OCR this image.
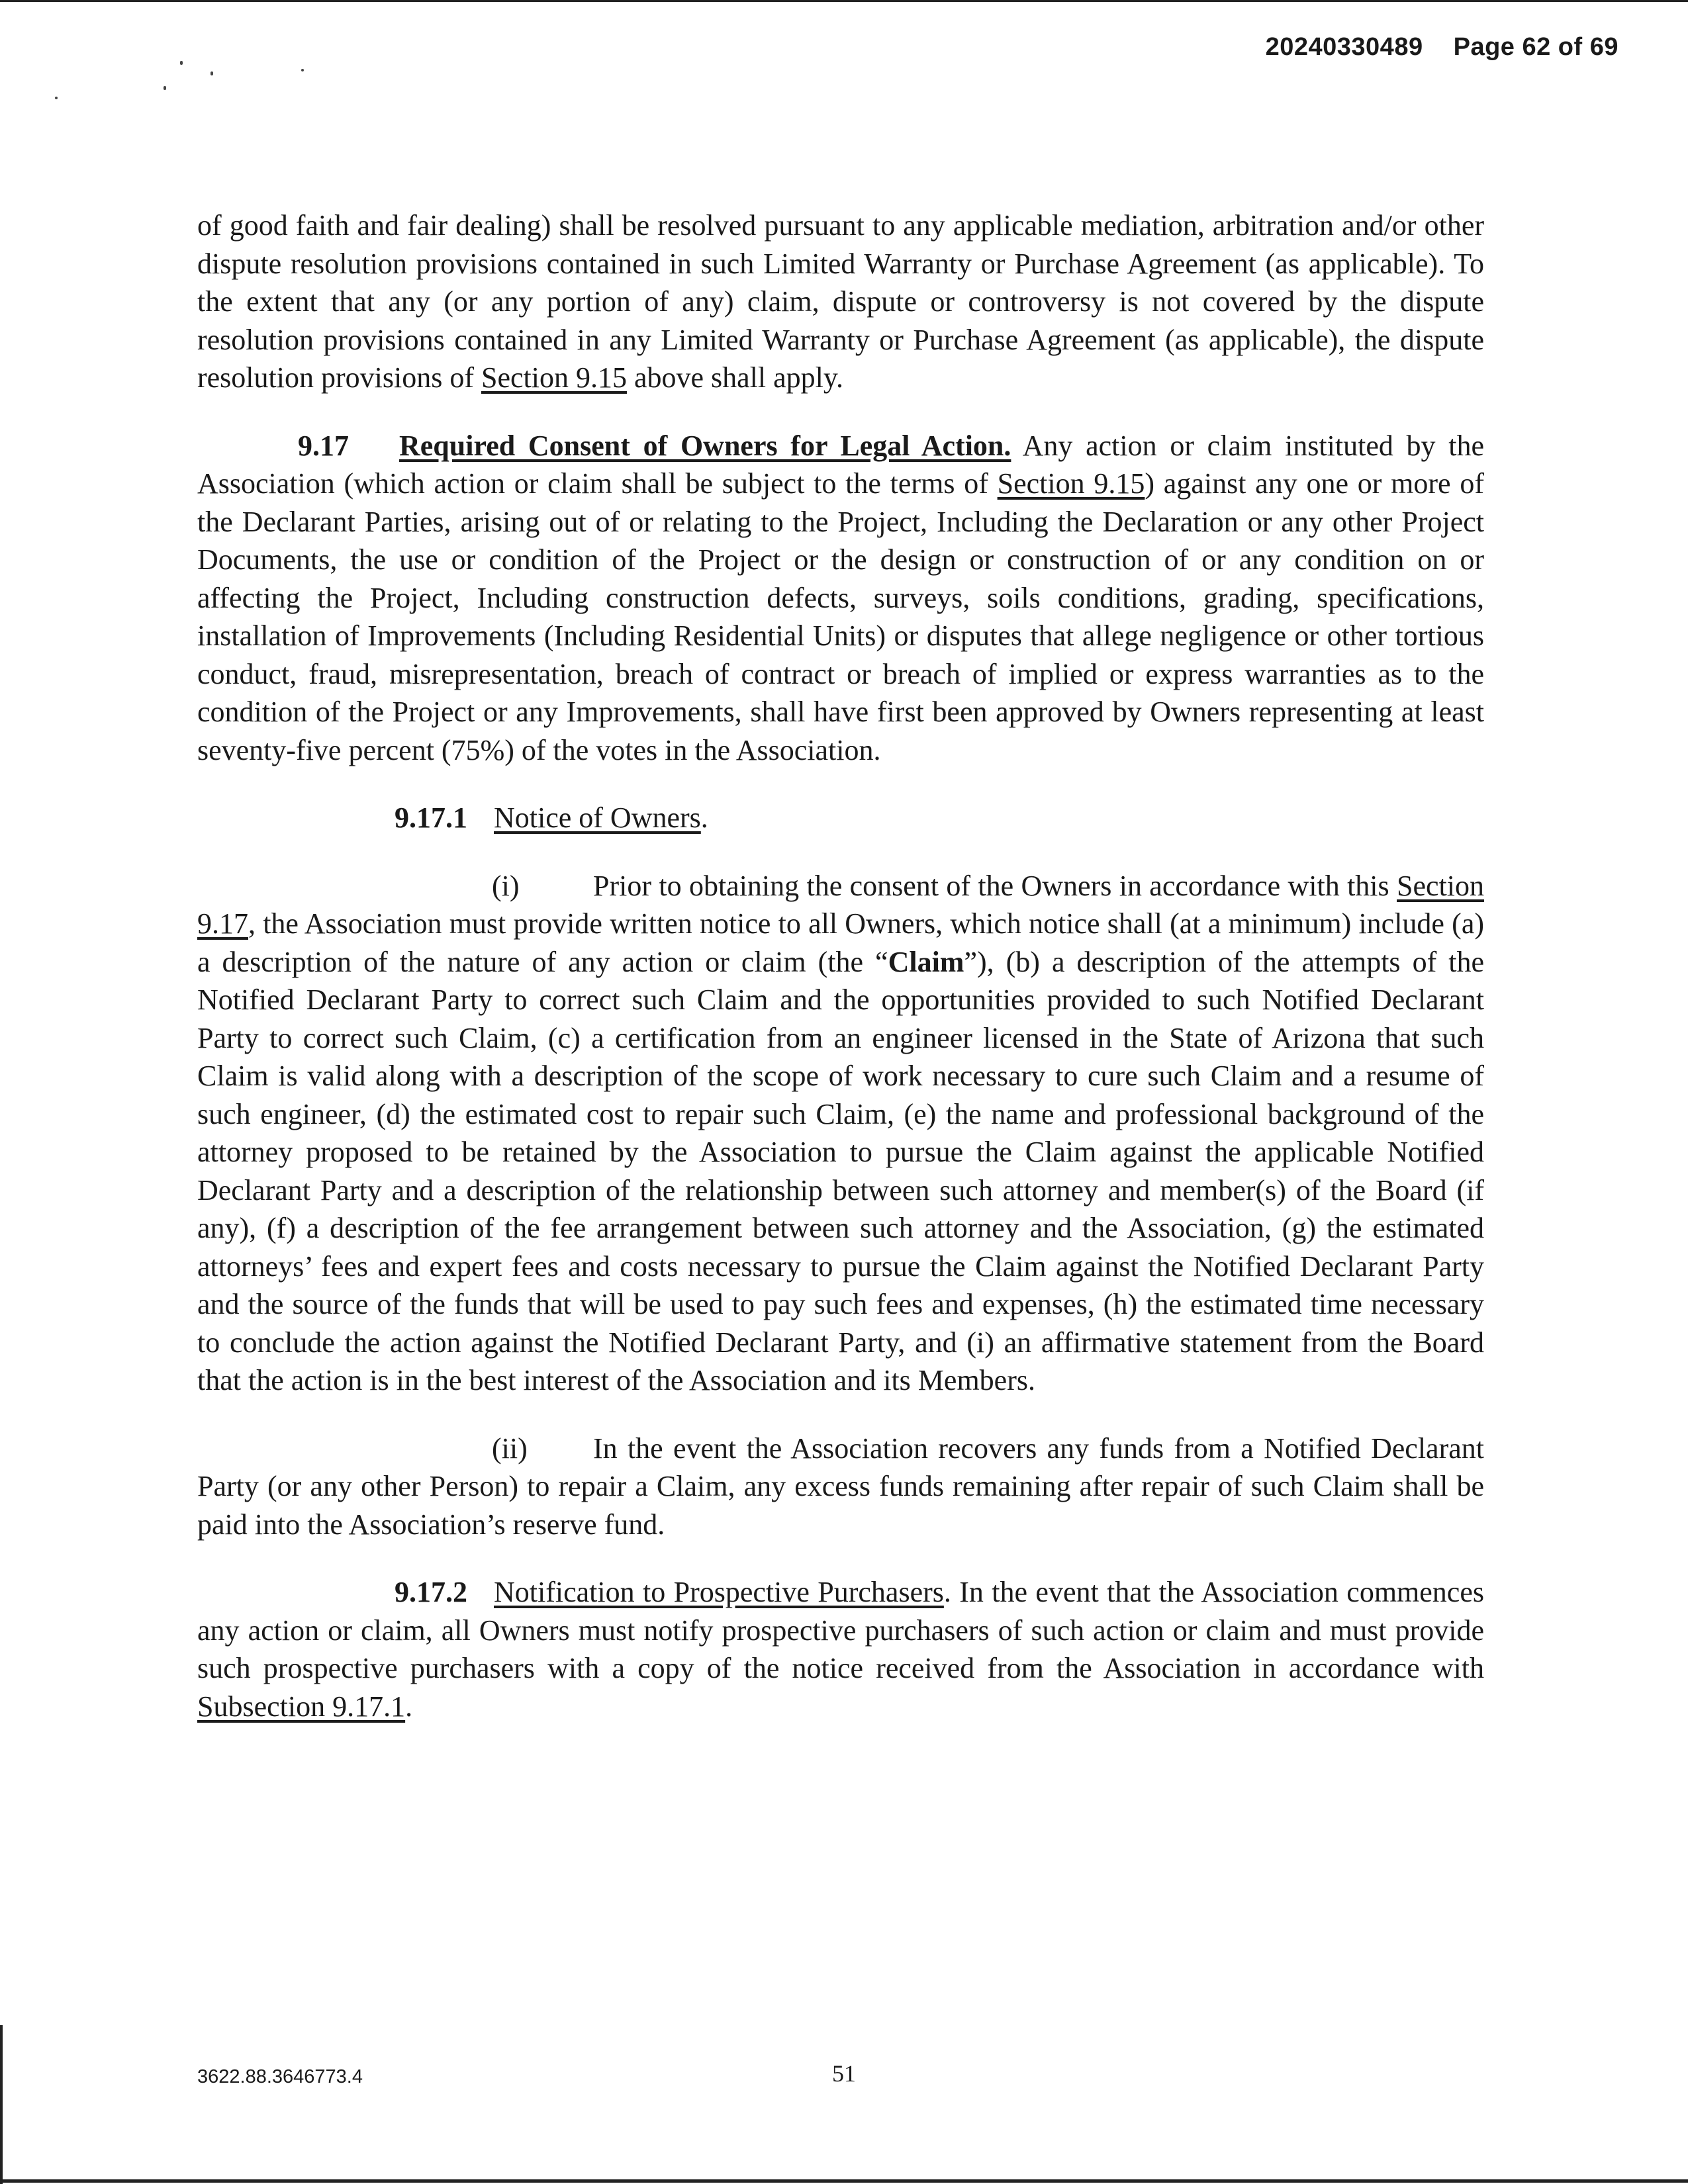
20240330489 Page 62 of 69

of good faith and fair dealing) shall be resolved pursuant to any applicable mediation, arbitration and/or other dispute resolution provisions contained in such Limited Warranty or Purchase Agreement (as applicable). To the extent that any (or any portion of any) claim, dispute or controversy is not covered by the dispute resolution provisions contained in any Limited Warranty or Purchase Agreement (as applicable), the dispute resolution provisions of Section 9.15 above shall apply.

9.17 Required Consent of Owners for Legal Action. Any action or claim instituted by the Association (which action or claim shall be subject to the terms of Section 9.15) against any one or more of the Declarant Parties, arising out of or relating to the Project, Including the Declaration or any other Project Documents, the use or condition of the Project or the design or construction of or any condition on or affecting the Project, Including construction defects, surveys, soils conditions, grading, specifications, installation of Improvements (Including Residential Units) or disputes that allege negligence or other tortious conduct, fraud, misrepresentation, breach of contract or breach of implied or express warranties as to the condition of the Project or any Improvements, shall have first been approved by Owners representing at least seventy-five percent (75%) of the votes in the Association.

9.17.1 Notice of Owners.

(i)	Prior to obtaining the consent of the Owners in accordance with this Section 9.17, the Association must provide written notice to all Owners, which notice shall (at a minimum) include (a) a description of the nature of any action or claim (the “Claim”), (b) a description of the attempts of the Notified Declarant Party to correct such Claim and the opportunities provided to such Notified Declarant Party to correct such Claim, (c) a certification from an engineer licensed in the State of Arizona that such Claim is valid along with a description of the scope of work necessary to cure such Claim and a resume of such engineer, (d) the estimated cost to repair such Claim, (e) the name and professional background of the attorney proposed to be retained by the Association to pursue the Claim against the applicable Notified Declarant Party and a description of the relationship between such attorney and member(s) of the Board (if any), (f) a description of the fee arrangement between such attorney and the Association, (g) the estimated attorneys’ fees and expert fees and costs necessary to pursue the Claim against the Notified Declarant Party and the source of the funds that will be used to pay such fees and expenses, (h) the estimated time necessary to conclude the action against the Notified Declarant Party, and (i) an affirmative statement from the Board that the action is in the best interest of the Association and its Members.

(ii) In the event the Association recovers any funds from a Notified Declarant Party (or any other Person) to repair a Claim, any excess funds remaining after repair of such Claim shall be paid into the Association’s reserve fund.

9.17.2 Notification to Prospective Purchasers. In the event that the Association commences any action or claim, all Owners must notify prospective purchasers of such action or claim and must provide such prospective purchasers with a copy of the notice received from the Association in accordance with Subsection 9.17.1.

3622.88.3646773.4	51
